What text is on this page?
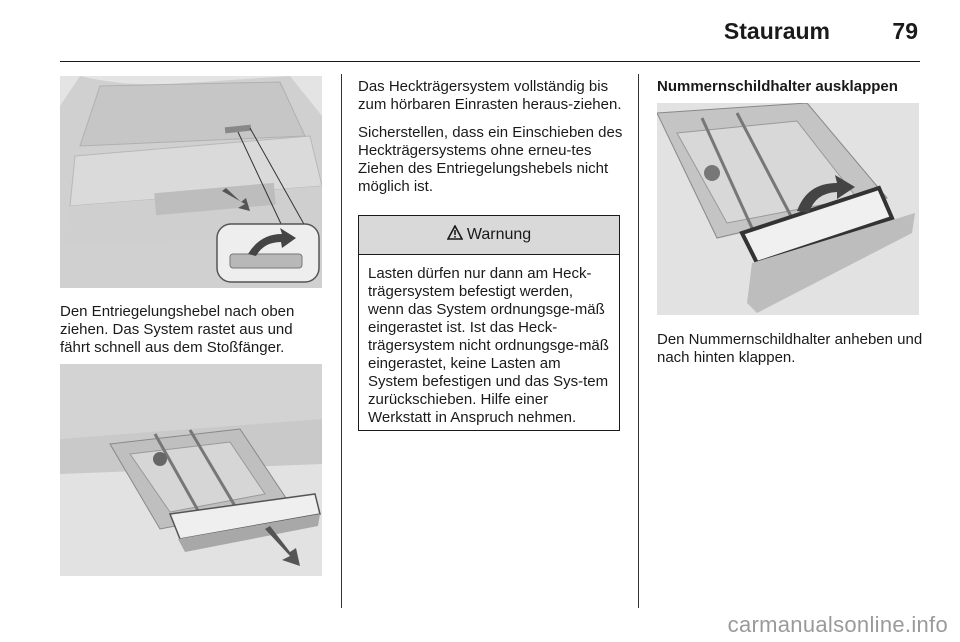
Stauraum	79

Den Entriegelungshebel nach oben ziehen. Das System rastet aus und fährt schnell aus dem Stoßfänger.

Das Heckträgersystem vollständig bis zum hörbaren Einrasten heraus-ziehen.

Sicherstellen, dass ein Einschieben des Heckträgersystems ohne erneu-tes Ziehen des Entriegelungshebels nicht möglich ist.

Warnung
Lasten dürfen nur dann am Heck-trägersystem befestigt werden, wenn das System ordnungsge-mäß eingerastet ist. Ist das Heck-trägersystem nicht ordnungsge-mäß eingerastet, keine Lasten am System befestigen und das Sys-tem zurückschieben. Hilfe einer Werkstatt in Anspruch nehmen.
Nummernschildhalter ausklappen

Den Nummernschildhalter anheben und nach hinten klappen.

carmanualsonline.info
